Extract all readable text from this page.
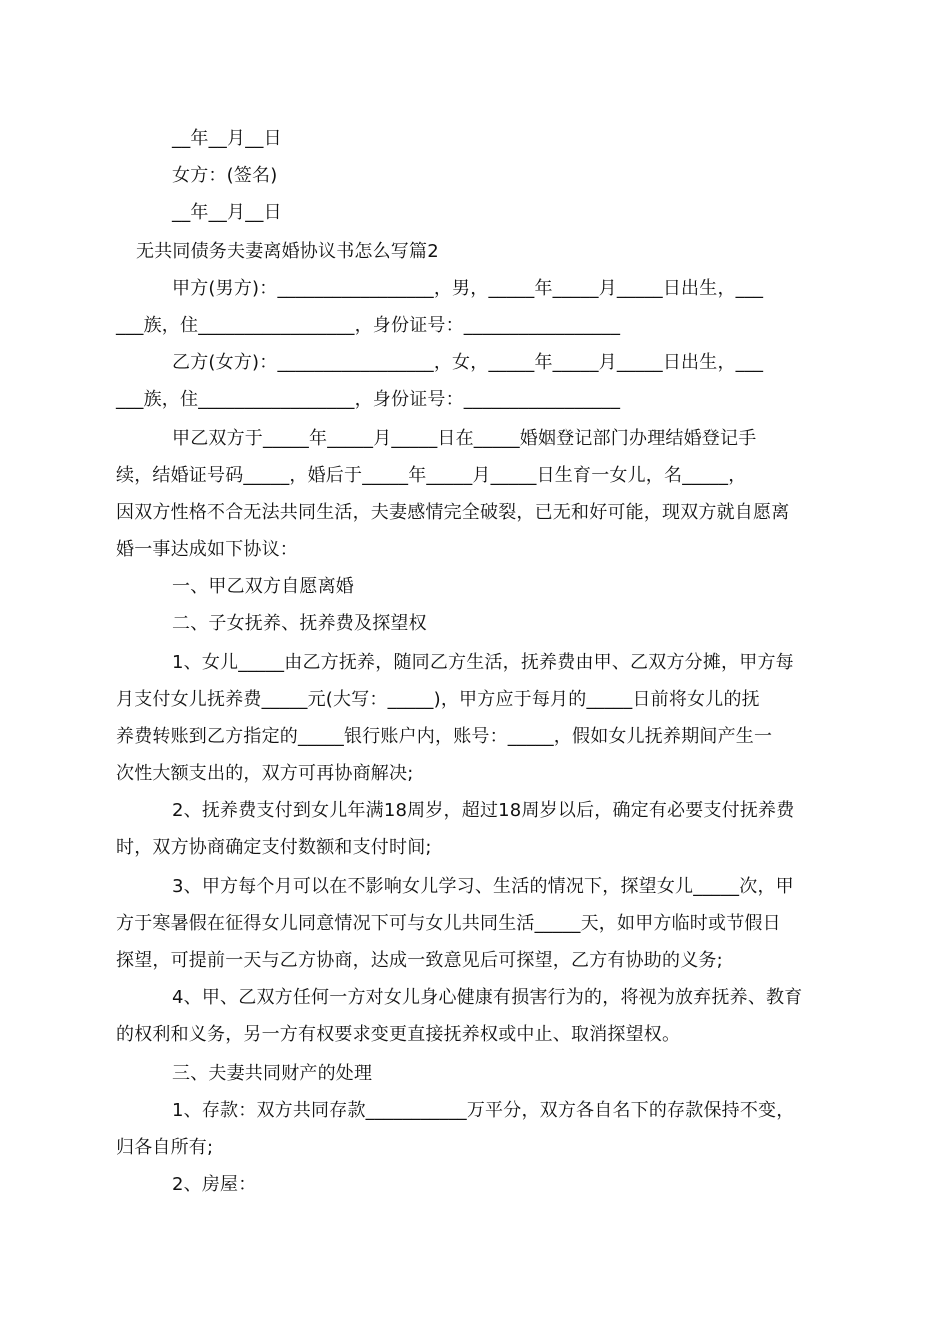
__年__月__日
女方：(签名)
__年__月__日
无共同债务夫妻离婚协议书怎么写篇2
甲方(男方)：_________________，男，_____年_____月_____日出生，___
___族，住_________________，身份证号：_________________
乙方(女方)：_________________，女，_____年_____月_____日出生，___
___族，住_________________，身份证号：_________________
甲乙双方于_____年_____月_____日在_____婚姻登记部门办理结婚登记手
续，结婚证号码_____，婚后于_____年_____月_____日生育一女儿，名_____，
因双方性格不合无法共同生活，夫妻感情完全破裂，已无和好可能，现双方就自愿离
婚一事达成如下协议：
一、甲乙双方自愿离婚
二、子女抚养、抚养费及探望权
1、女儿_____由乙方抚养，随同乙方生活，抚养费由甲、乙双方分摊，甲方每
月支付女儿抚养费_____元(大写：_____)，甲方应于每月的_____日前将女儿的抚
养费转账到乙方指定的_____银行账户内，账号：_____，假如女儿抚养期间产生一
次性大额支出的，双方可再协商解决;
2、抚养费支付到女儿年满18周岁，超过18周岁以后，确定有必要支付抚养费
时，双方协商确定支付数额和支付时间;
3、甲方每个月可以在不影响女儿学习、生活的情况下，探望女儿_____次，甲
方于寒暑假在征得女儿同意情况下可与女儿共同生活_____天，如甲方临时或节假日
探望，可提前一天与乙方协商，达成一致意见后可探望，乙方有协助的义务;
4、甲、乙双方任何一方对女儿身心健康有损害行为的，将视为放弃抚养、教育
的权利和义务，另一方有权要求变更直接抚养权或中止、取消探望权。
三、夫妻共同财产的处理
1、存款：双方共同存款___________万平分，双方各自名下的存款保持不变，
归各自所有;
2、房屋：
